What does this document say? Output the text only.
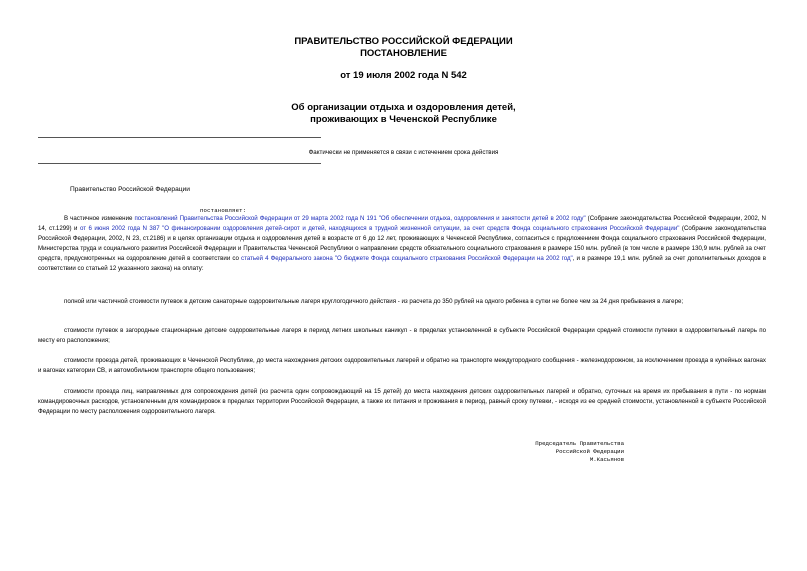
ПРАВИТЕЛЬСТВО РОССИЙСКОЙ ФЕДЕРАЦИИ
ПОСТАНОВЛЕНИЕ
от 19 июля 2002 года N 542
Об организации отдыха и оздоровления детей,
проживающих в Чеченской Республике
Фактически не применяется в связи с истечением срока действия
Правительство Российской Федерации
постановляет:

В частичное изменение постановлений Правительства Российской Федерации от 29 марта 2002 года N 191 "Об обеспечении отдыха, оздоровления и занятости детей в 2002 году" (Собрание законодательства Российской Федерации, 2002, N 14, ст.1299) и от 6 июня 2002 года N 387 "О финансировании оздоровления детей-сирот и детей, находящихся в трудной жизненной ситуации, за счет средств Фонда социального страхования Российской Федерации" (Собрание законодательства Российской Федерации, 2002, N 23, ст.2186) и в целях организации отдыха и оздоровления детей в возрасте от 6 до 12 лет, проживающих в Чеченской Республике, согласиться с предложением Фонда социального страхования Российской Федерации, Министерства труда и социального развития Российской Федерации и Правительства Чеченской Республики о направлении средств обязательного социального страхования в размере 150 млн. рублей (в том числе в размере 130,9 млн. рублей за счет средств, предусмотренных на оздоровление детей в соответствии со статьей 4 Федерального закона "О бюджете Фонда социального страхования Российской Федерации на 2002 год", и в размере 19,1 млн. рублей за счет дополнительных доходов в соответствии со статьей 12 указанного закона) на оплату:

полной или частичной стоимости путевок в детские санаторные оздоровительные лагеря круглогодичного действия - из расчета до 350 рублей на одного ребенка в сутки не более чем за 24 дня пребывания в лагере;

стоимости путевок в загородные стационарные детские оздоровительные лагеря в период летних школьных каникул - в пределах установленной в субъекте Российской Федерации средней стоимости путевки в оздоровительный лагерь по месту его расположения;

стоимости проезда детей, проживающих в Чеченской Республике, до места нахождения детских оздоровительных лагерей и обратно на транспорте междугородного сообщения - железнодорожном, за исключением проезда в купейных вагонах и вагонах категории СВ, и автомобильном транспорте общего пользования;

стоимости проезда лиц, направляемых для сопровождения детей (из расчета один сопровождающий на 15 детей) до места нахождения детских оздоровительных лагерей и обратно, суточных на время их пребывания в пути - по нормам командировочных расходов, установленным для командировок в пределах территории Российской Федерации, а также их питания и проживания в период, равный сроку путевки, - исходя из ее средней стоимости, установленной в субъекте Российской Федерации по месту расположения оздоровительного лагеря.

Председатель Правительства
Российской Федерации
М.Касьянов
